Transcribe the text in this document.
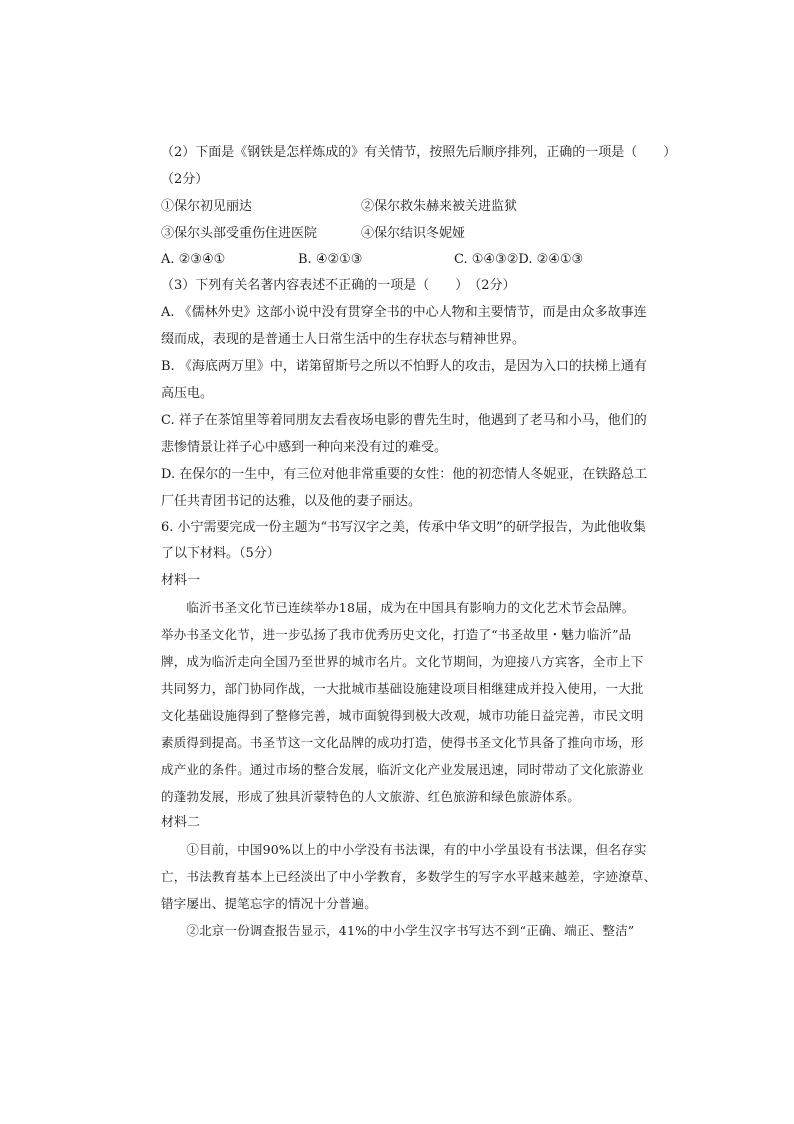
（2）下面是《钢铁是怎样炼成的》有关情节，按照先后顺序排列，正确的一项是（　　）
（2分）
①保尔初见丽达	②保尔救朱赫来被关进监狱
③保尔头部受重伤住进医院	④保尔结识冬妮娅
A. ②③④①	B. ④②①③	C. ①④③②D. ②④①③
（3）下列有关名著内容表述不正确的一项是（　　）　（2分）
A. 《儒林外史》这部小说中没有贯穿全书的中心人物和主要情节，而是由众多故事连
缀而成，表现的是普通士人日常生活中的生存状态与精神世界。
B. 《海底两万里》中，诺第留斯号之所以不怕野人的攻击，是因为入口的扶梯上通有
高压电。
C. 祥子在茶馆里等着同朋友去看夜场电影的曹先生时，他遇到了老马和小马，他们的
悲惨情景让祥子心中感到一种向来没有过的难受。
D. 在保尔的一生中，有三位对他非常重要的女性：他的初恋情人冬妮亚，在铁路总工
厂任共青团书记的达雅，以及他的妻子丽达。
6. 小宁需要完成一份主题为“书写汉字之美，传承中华文明”的研学报告，为此他收集
了以下材料。（5分）
材料一
　　临沂书圣文化节已连续举办18届，成为在中国具有影响力的文化艺术节会品牌。
举办书圣文化节，进一步弘扬了我市优秀历史文化，打造了“书圣故里・魅力临沂”品
牌，成为临沂走向全国乃至世界的城市名片。文化节期间，为迎接八方宾客，全市上下
共同努力，部门协同作战，一大批城市基础设施建设项目相继建成并投入使用，一大批
文化基础设施得到了整修完善，城市面貌得到极大改观，城市功能日益完善，市民文明
素质得到提高。书圣节这一文化品牌的成功打造，使得书圣文化节具备了推向市场，形
成产业的条件。通过市场的整合发展，临沂文化产业发展迅速，同时带动了文化旅游业
的蓬勃发展，形成了独具沂蒙特色的人文旅游、红色旅游和绿色旅游体系。
材料二
　　①目前，中国90%以上的中小学没有书法课，有的中小学虽设有书法课，但名存实
亡，书法教育基本上已经淡出了中小学教育，多数学生的写字水平越来越差，字迹潦草、
错字屡出、提笔忘字的情况十分普遍。
　　②北京一份调查报告显示，41%的中小学生汉字书写达不到“正确、端正、整洁”
